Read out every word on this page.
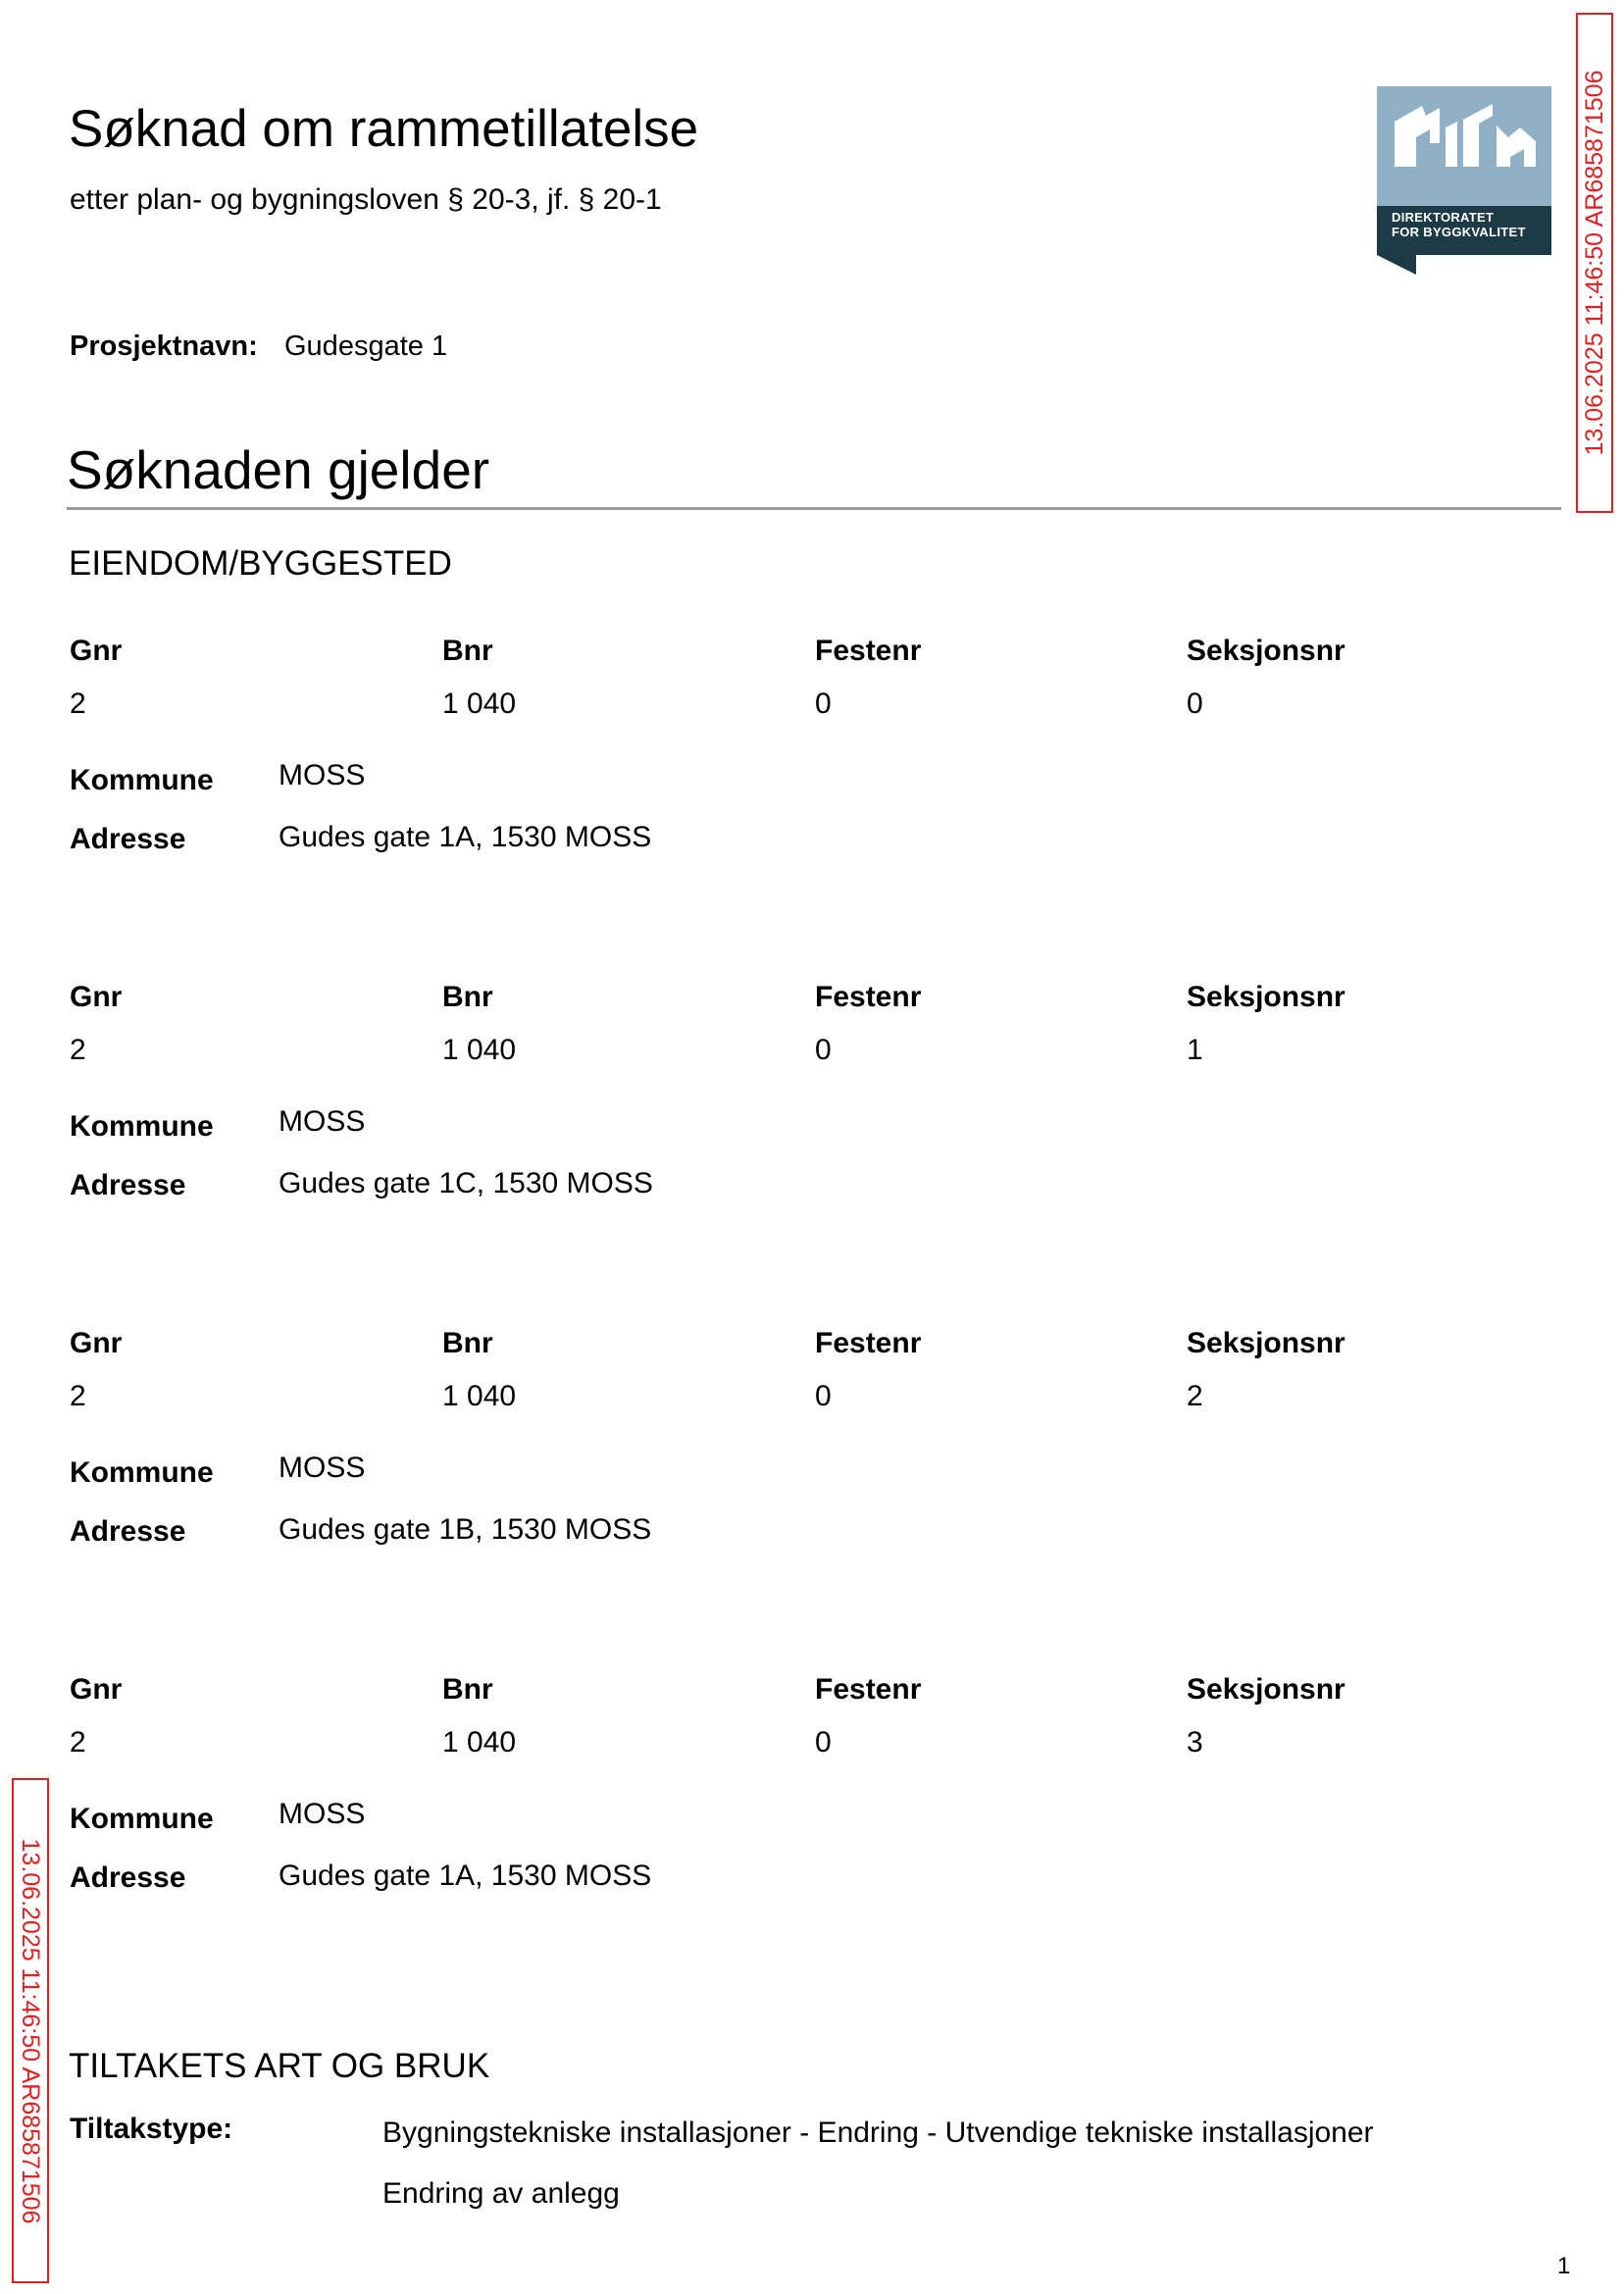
Søknad om rammetillatelse
etter plan- og bygningsloven § 20-3, jf. § 20-1
DIREKTORATET
FOR BYGGKVALITET	13.06.2025 11:46:50 AR685871506
13.06.2025 11:46:50 AR685871506
Prosjektnavn: Gudesgate 1
Søknaden gjelder
EIENDOM/BYGGESTED
Gnr	Bnr	Festenr	Seksjonsnr
2	1 040	0	0
Kommune MOSS
Adresse	Gudes gate 1A, 1530 MOSS
Gnr	Bnr	Festenr	Seksjonsnr
2	1 040	0	1
Kommune MOSS
Adresse	Gudes gate 1C, 1530 MOSS
Gnr	Bnr	Festenr	Seksjonsnr
2	1 040	0	2
Kommune MOSS
Adresse	Gudes gate 1B, 1530 MOSS
Gnr	Bnr	Festenr	Seksjonsnr
2	1 040	0	3
Kommune MOSS
Adresse	Gudes gate 1A, 1530 MOSS
TILTAKETS ART OG BRUK
Tiltakstype:	Bygningstekniske installasjoner - Endring - Utvendige tekniske installasjoner
Endring av anlegg
1
